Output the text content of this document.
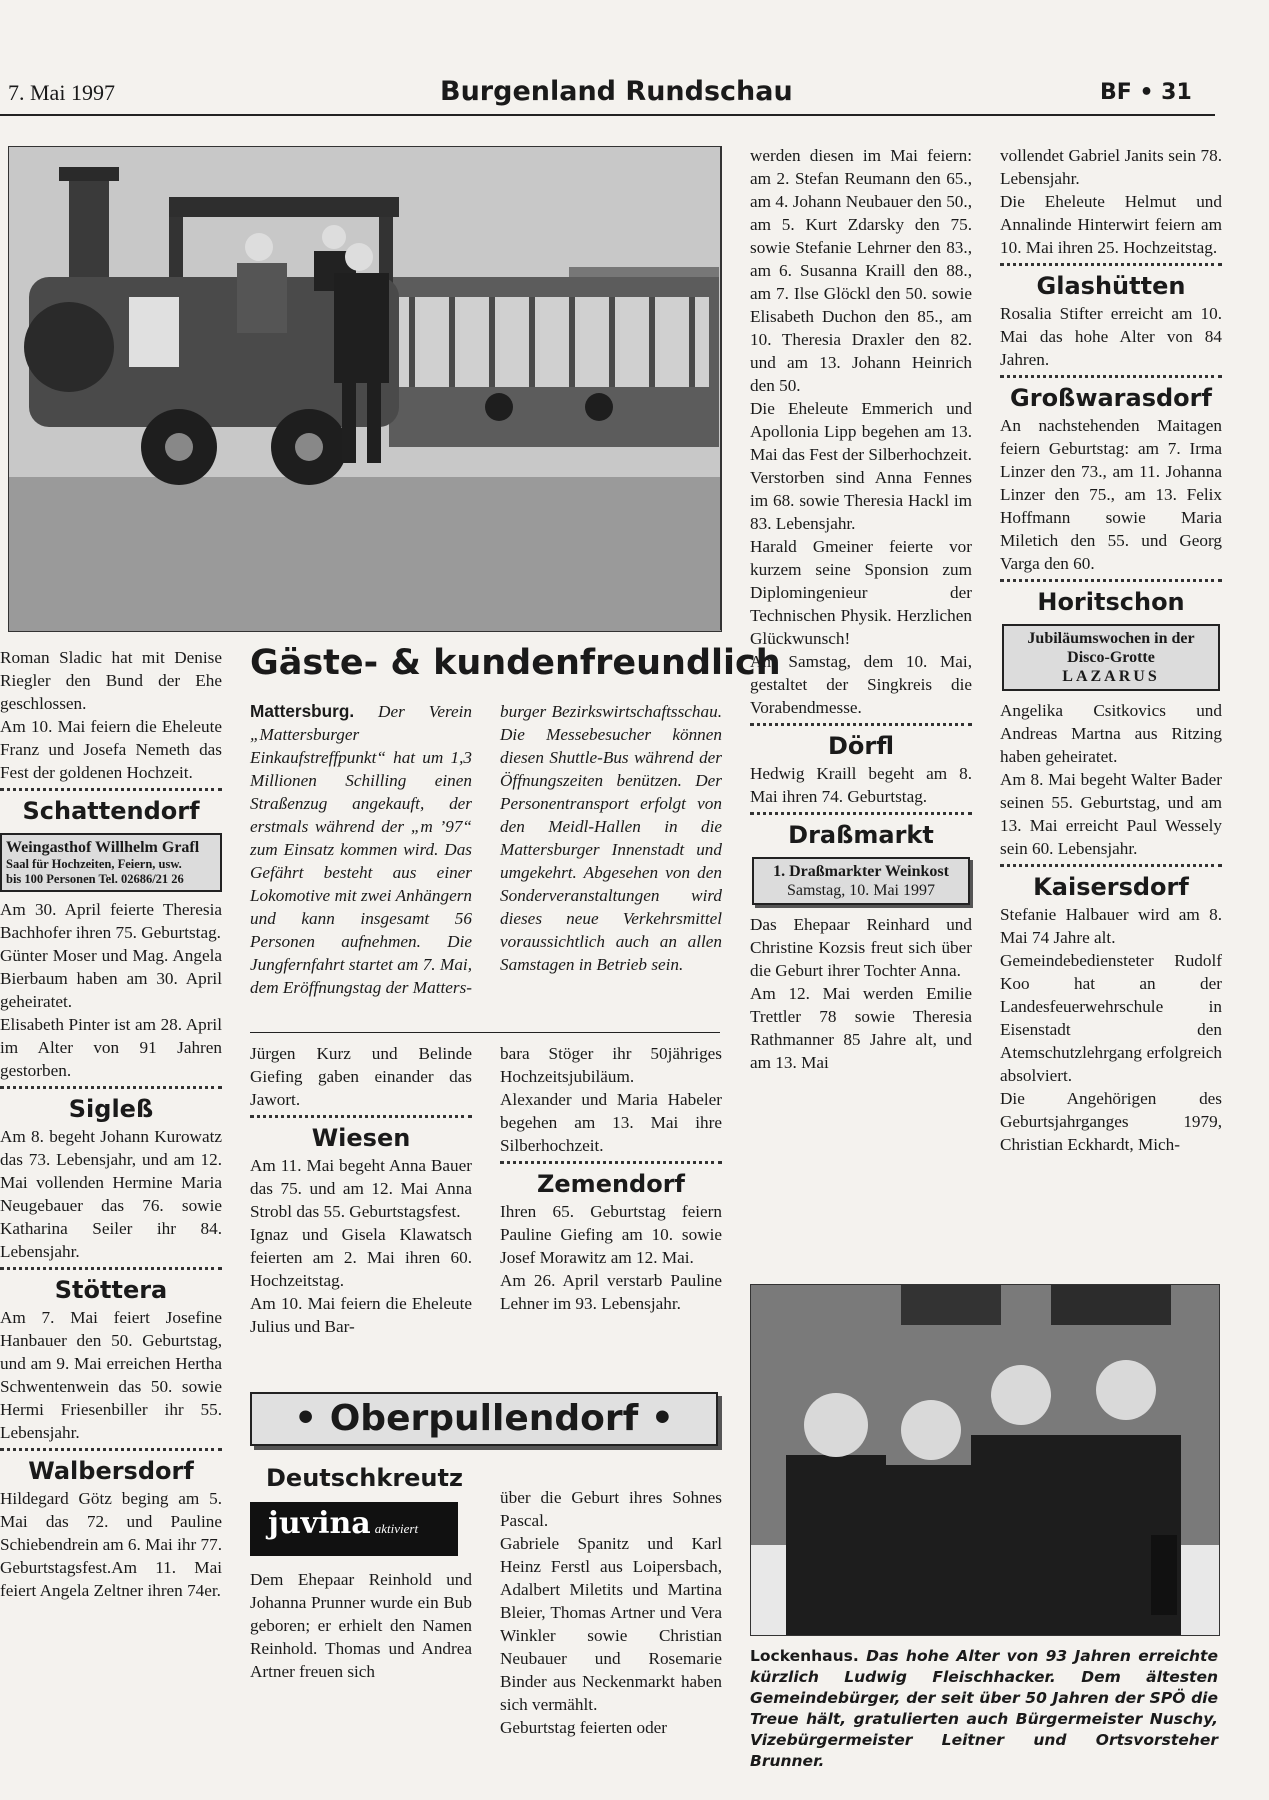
7. Mai 1997	Burgenland Rundschau	BF • 31
Roman Sladic hat mit Denise Riegler den Bund der Ehe geschlossen.
Am 10. Mai feiern die Eheleute Franz und Josefa Nemeth das Fest der goldenen Hochzeit.
Schattendorf
Weingasthof Willhelm Grafl
Saal für Hochzeiten, Feiern, usw.
bis 100 Personen Tel. 02686/21 26
Am 30. April feierte Theresia Bachhofer ihren 75. Geburtstag.
Günter Moser und Mag. Angela Bierbaum haben am 30. April geheiratet.
Elisabeth Pinter ist am 28. April im Alter von 91 Jahren gestorben.
Sigleß
Am 8. begeht Johann Kurowatz das 73. Lebensjahr, und am 12. Mai vollenden Hermine Maria Neugebauer das 76. sowie Katharina Seiler ihr 84. Lebensjahr.
Stöttera
Am 7. Mai feiert Josefine Hanbauer den 50. Geburtstag, und am 9. Mai erreichen Hertha Schwentenwein das 50. sowie Hermi Friesenbiller ihr 55. Lebensjahr.
Walbersdorf
Hildegard Götz beging am 5. Mai das 72. und Pauline Schiebendrein am 6. Mai ihr 77. Geburtstagsfest.Am 11. Mai feiert Angela Zeltner ihren 74er.
Gäste- & kundenfreundlich
Mattersburg. Der Verein „Mattersburger Einkaufstreffpunkt“ hat um 1,3 Millionen Schilling einen Straßenzug angekauft, der erstmals während der „m ’97“ zum Einsatz kommen wird. Das Gefährt besteht aus einer Lokomotive mit zwei Anhängern und kann insgesamt 56 Personen aufnehmen. Die Jungfernfahrt startet am 7. Mai, dem Eröffnungstag der Matters-
burger Bezirkswirtschaftsschau. Die Messebesucher können diesen Shuttle-Bus während der Öffnungszeiten benützen. Der Personentransport erfolgt von den Meidl-Hallen in die Mattersburger Innenstadt und umgekehrt. Abgesehen von den Sonderveranstaltungen wird dieses neue Verkehrsmittel voraussichtlich auch an allen Samstagen in Betrieb sein.
Jürgen Kurz und Belinde Giefing gaben einander das Jawort.
Wiesen
Am 11. Mai begeht Anna Bauer das 75. und am 12. Mai Anna Strobl das 55. Geburtstagsfest.
Ignaz und Gisela Klawatsch feierten am 2. Mai ihren 60. Hochzeitstag.
Am 10. Mai feiern die Eheleute Julius und Bar-
bara Stöger ihr 50jähriges Hochzeitsjubiläum.
Alexander und Maria Habeler begehen am 13. Mai ihre Silberhochzeit.
Zemendorf
Ihren 65. Geburtstag feiern Pauline Giefing am 10. sowie Josef Morawitz am 12. Mai.
Am 26. April verstarb Pauline Lehner im 93. Lebensjahr.
• Oberpullendorf •
Deutschkreutz
juvina aktiviert
Dem Ehepaar Reinhold und Johanna Prunner wurde ein Bub geboren; er erhielt den Namen Reinhold. Thomas und Andrea Artner freuen sich
über die Geburt ihres Sohnes Pascal.
Gabriele Spanitz und Karl Heinz Ferstl aus Loipersbach, Adalbert Miletits und Martina Bleier, Thomas Artner und Vera Winkler sowie Christian Neubauer und Rosemarie Binder aus Neckenmarkt haben sich vermählt.
Geburtstag feierten oder
werden diesen im Mai feiern: am 2. Stefan Reumann den 65., am 4. Johann Neubauer den 50., am 5. Kurt Zdarsky den 75. sowie Stefanie Lehrner den 83., am 6. Susanna Kraill den 88., am 7. Ilse Glöckl den 50. sowie Elisabeth Duchon den 85., am 10. Theresia Draxler den 82. und am 13. Johann Heinrich den 50.
Die Eheleute Emmerich und Apollonia Lipp begehen am 13. Mai das Fest der Silberhochzeit.
Verstorben sind Anna Fennes im 68. sowie Theresia Hackl im 83. Lebensjahr.
Harald Gmeiner feierte vor kurzem seine Sponsion zum Diplomingenieur der Technischen Physik. Herzlichen Glückwunsch!
Am Samstag, dem 10. Mai, gestaltet der Singkreis die Vorabendmesse.
Dörfl
Hedwig Kraill begeht am 8. Mai ihren 74. Geburtstag.
Draßmarkt
1. Draßmarkter Weinkost
Samstag, 10. Mai 1997
Das Ehepaar Reinhard und Christine Kozsis freut sich über die Geburt ihrer Tochter Anna.
Am 12. Mai werden Emilie Trettler 78 sowie Theresia Rathmanner 85 Jahre alt, und am 13. Mai
vollendet Gabriel Janits sein 78. Lebensjahr.
Die Eheleute Helmut und Annalinde Hinterwirt feiern am 10. Mai ihren 25. Hochzeitstag.
Glashütten
Rosalia Stifter erreicht am 10. Mai das hohe Alter von 84 Jahren.
Großwarasdorf
An nachstehenden Maitagen feiern Geburtstag: am 7. Irma Linzer den 73., am 11. Johanna Linzer den 75., am 13. Felix Hoffmann sowie Maria Miletich den 55. und Georg Varga den 60.
Horitschon
Jubiläumswochen in der
Disco-Grotte
LAZARUS
Angelika Csitkovics und Andreas Martna aus Ritzing haben geheiratet.
Am 8. Mai begeht Walter Bader seinen 55. Geburtstag, und am 13. Mai erreicht Paul Wessely sein 60. Lebensjahr.
Kaisersdorf
Stefanie Halbauer wird am 8. Mai 74 Jahre alt.
Gemeindebediensteter Rudolf Koo hat an der Landesfeuerwehrschule in Eisenstadt den Atemschutzlehrgang erfolgreich absolviert.
Die Angehörigen des Geburtsjahrganges 1979, Christian Eckhardt, Mich-
Lockenhaus. Das hohe Alter von 93 Jahren erreichte kürzlich Ludwig Fleischhacker. Dem ältesten Gemeindebürger, der seit über 50 Jahren der SPÖ die Treue hält, gratulierten auch Bürgermeister Nuschy, Vizebürgermeister Leitner und Ortsvorsteher Brunner.
